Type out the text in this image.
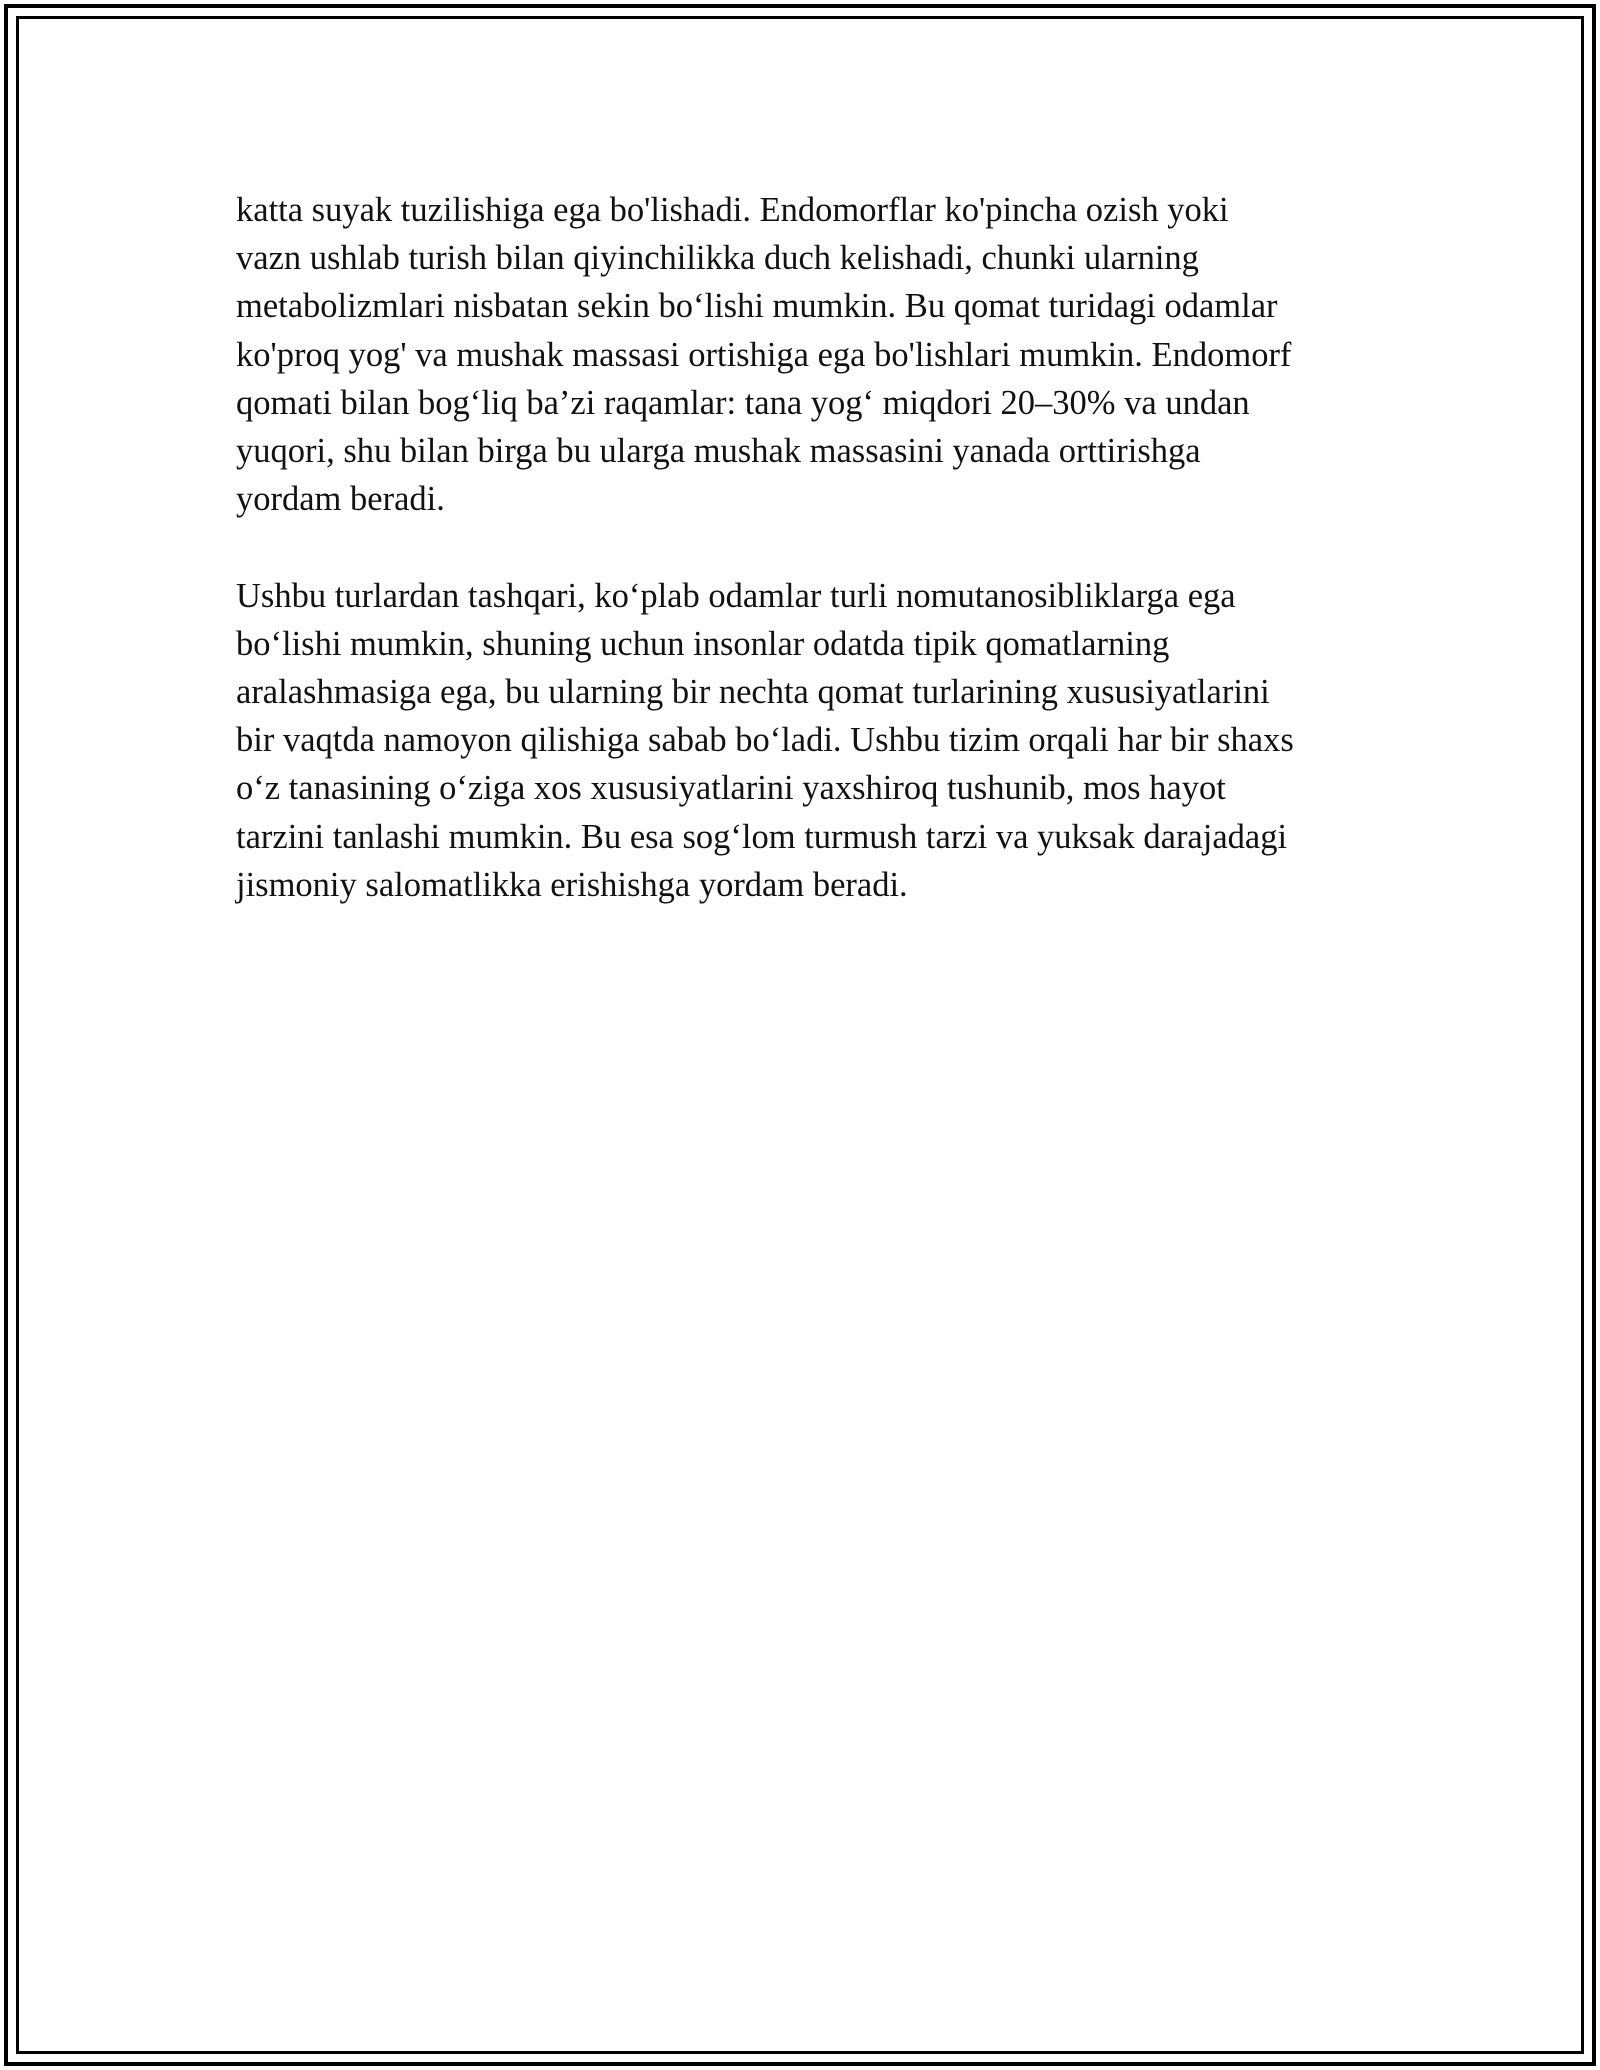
katta suyak tuzilishiga ega bo'lishadi. Endomorflar ko'pincha ozish yoki
vazn ushlab turish bilan qiyinchilikka duch kelishadi, chunki ularning
metabolizmlari nisbatan sekin bo‘lishi mumkin. Bu qomat turidagi odamlar
ko'proq yog' va mushak massasi ortishiga ega bo'lishlari mumkin. Endomorf
qomati bilan bog‘liq ba’zi raqamlar: tana yog‘ miqdori 20–30% va undan
yuqori, shu bilan birga bu ularga mushak massasini yanada orttirishga
yordam beradi.

Ushbu turlardan tashqari, ko‘plab odamlar turli nomutanosibliklarga ega
bo‘lishi mumkin, shuning uchun insonlar odatda tipik qomatlarning
aralashmasiga ega, bu ularning bir nechta qomat turlarining xususiyatlarini
bir vaqtda namoyon qilishiga sabab bo‘ladi. Ushbu tizim orqali har bir shaxs
o‘z tanasining o‘ziga xos xususiyatlarini yaxshiroq tushunib, mos hayot
tarzini tanlashi mumkin. Bu esa sog‘lom turmush tarzi va yuksak darajadagi
jismoniy salomatlikka erishishga yordam beradi.
